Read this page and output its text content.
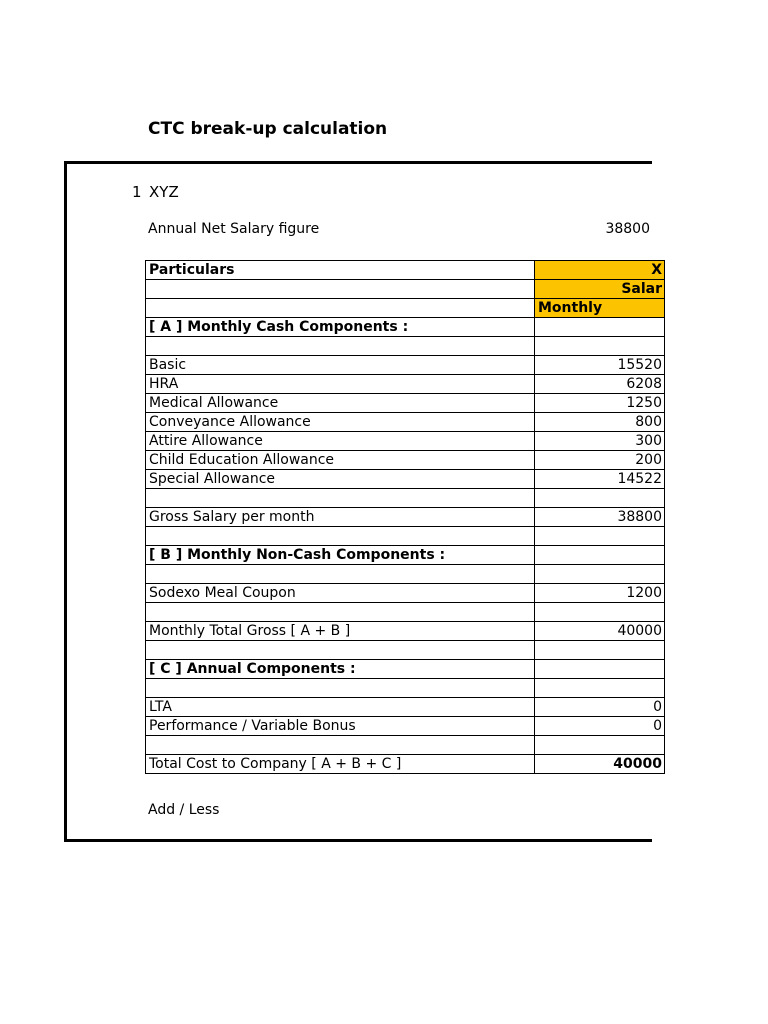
CTC break-up calculation
1 XYZ
Annual Net Salary figure	38800
Particulars	X
	Salar
	Monthly
[ A ] Monthly Cash Components :	

Basic	15520
HRA	6208
Medical Allowance	1250
Conveyance Allowance	800
Attire Allowance	300
Child Education Allowance	200
Special Allowance	14522

Gross Salary per month	38800

[ B ] Monthly Non-Cash Components :	

Sodexo Meal Coupon	1200

Monthly Total Gross [ A + B ]	40000

[ C ] Annual Components :	

LTA	0
Performance / Variable Bonus	0

Total Cost to Company [ A + B + C ]	40000
Add / Less
